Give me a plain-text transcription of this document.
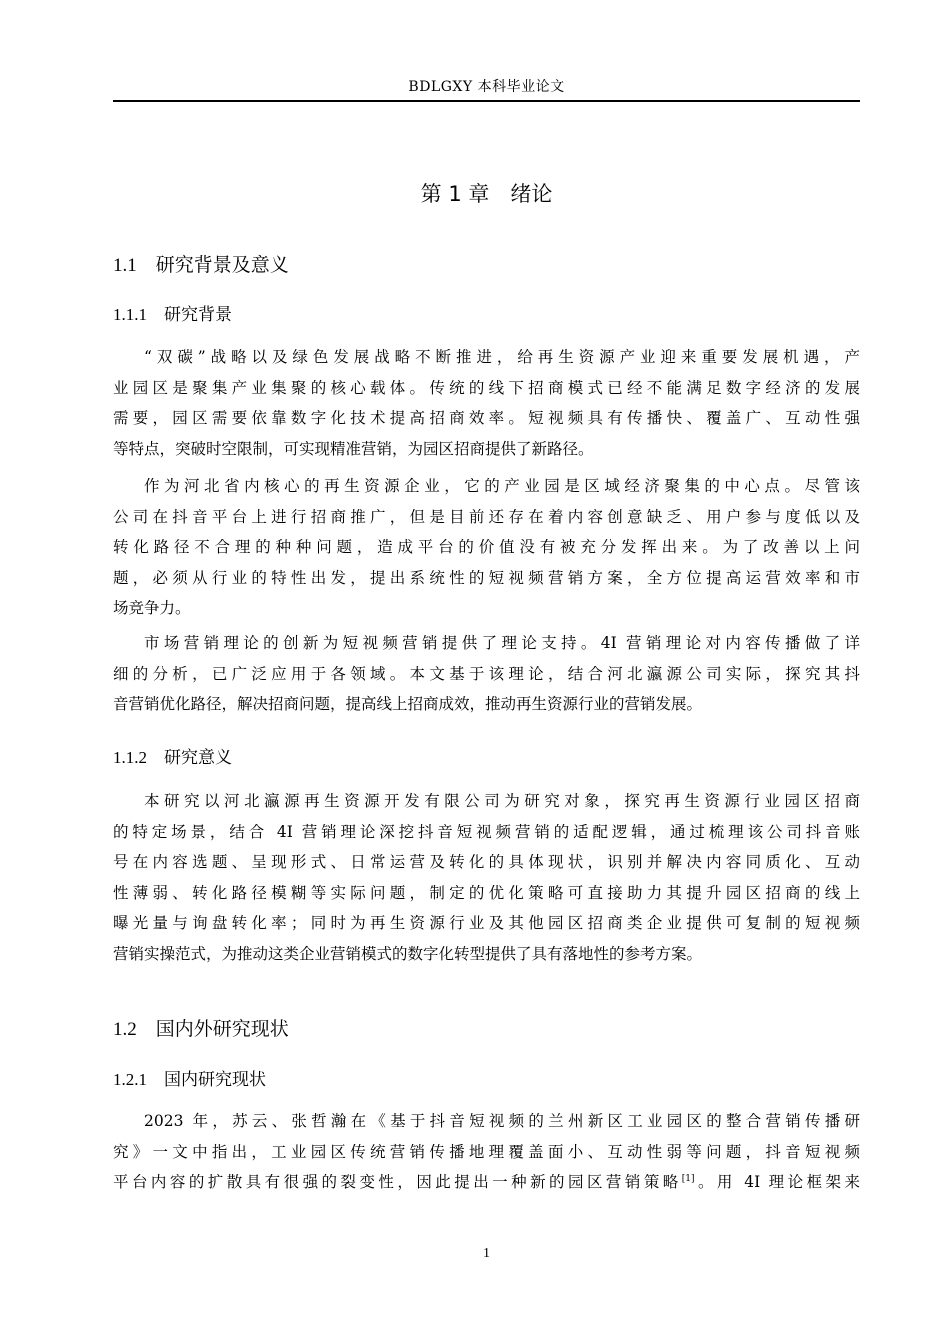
BDLGXY 本科毕业论文
第 1 章　绪论
1.1　 研究背景及意义
1.1.1　 研究背景

“双碳”战略以及绿色发展战略不断推进，给再生资源产业迎来重要发展机遇，产
业园区是聚集产业集聚的核心载体。传统的线下招商模式已经不能满足数字经济的发展
需要，园区需要依靠数字化技术提高招商效率。短视频具有传播快、覆盖广、互动性强
等特点，突破时空限制，可实现精准营销，为园区招商提供了新路径。

作为河北省内核心的再生资源企业，它的产业园是区域经济聚集的中心点。尽管该
公司在抖音平台上进行招商推广，但是目前还存在着内容创意缺乏、用户参与度低以及
转化路径不合理的种种问题，造成平台的价值没有被充分发挥出来。为了改善以上问
题，必须从行业的特性出发，提出系统性的短视频营销方案，全方位提高运营效率和市
场竞争力。

市场营销理论的创新为短视频营销提供了理论支持。4I 营销理论对内容传播做了详
细的分析，已广泛应用于各领域。本文基于该理论，结合河北瀛源公司实际，探究其抖
音营销优化路径，解决招商问题，提高线上招商成效，推动再生资源行业的营销发展。

1.1.2　 研究意义

本研究以河北瀛源再生资源开发有限公司为研究对象，探究再生资源行业园区招商
的特定场景，结合 4I 营销理论深挖抖音短视频营销的适配逻辑，通过梳理该公司抖音账
号在内容选题、呈现形式、日常运营及转化的具体现状，识别并解决内容同质化、互动
性薄弱、转化路径模糊等实际问题，制定的优化策略可直接助力其提升园区招商的线上
曝光量与询盘转化率；同时为再生资源行业及其他园区招商类企业提供可复制的短视频
营销实操范式，为推动这类企业营销模式的数字化转型提供了具有落地性的参考方案。

1.2　 国内外研究现状
1.2.1　 国内研究现状

2023 年，苏云、张哲瀚在《基于抖音短视频的兰州新区工业园区的整合营销传播研
究》一文中指出，工业园区传统营销传播地理覆盖面小、互动性弱等问题，抖音短视频
平台内容的扩散具有很强的裂变性，因此提出一种新的园区营销策略[1]。用 4I 理论框架来

1
